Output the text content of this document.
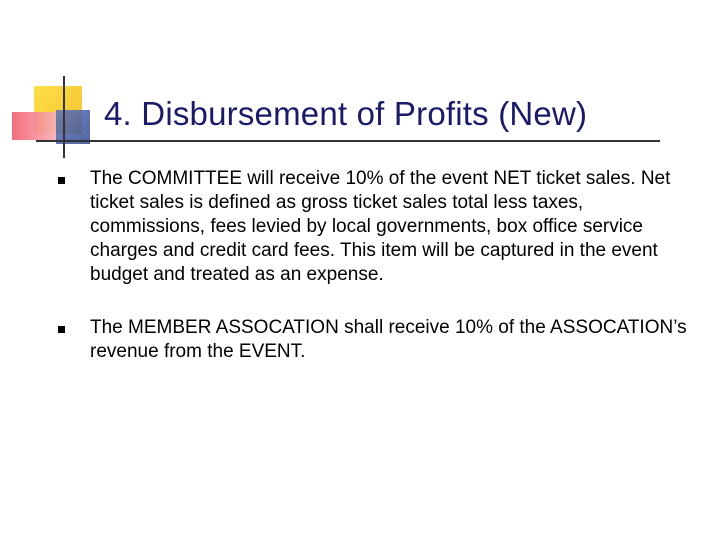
4. Disbursement of Profits (New)
The COMMITTEE will receive 10% of the event NET ticket sales. Net ticket sales is defined as gross ticket sales total less taxes, commissions, fees levied by local governments, box office service charges and credit card fees. This item will be captured in the event budget and treated as an expense.
The MEMBER ASSOCATION shall receive 10% of the ASSOCATION’s revenue from the EVENT.
